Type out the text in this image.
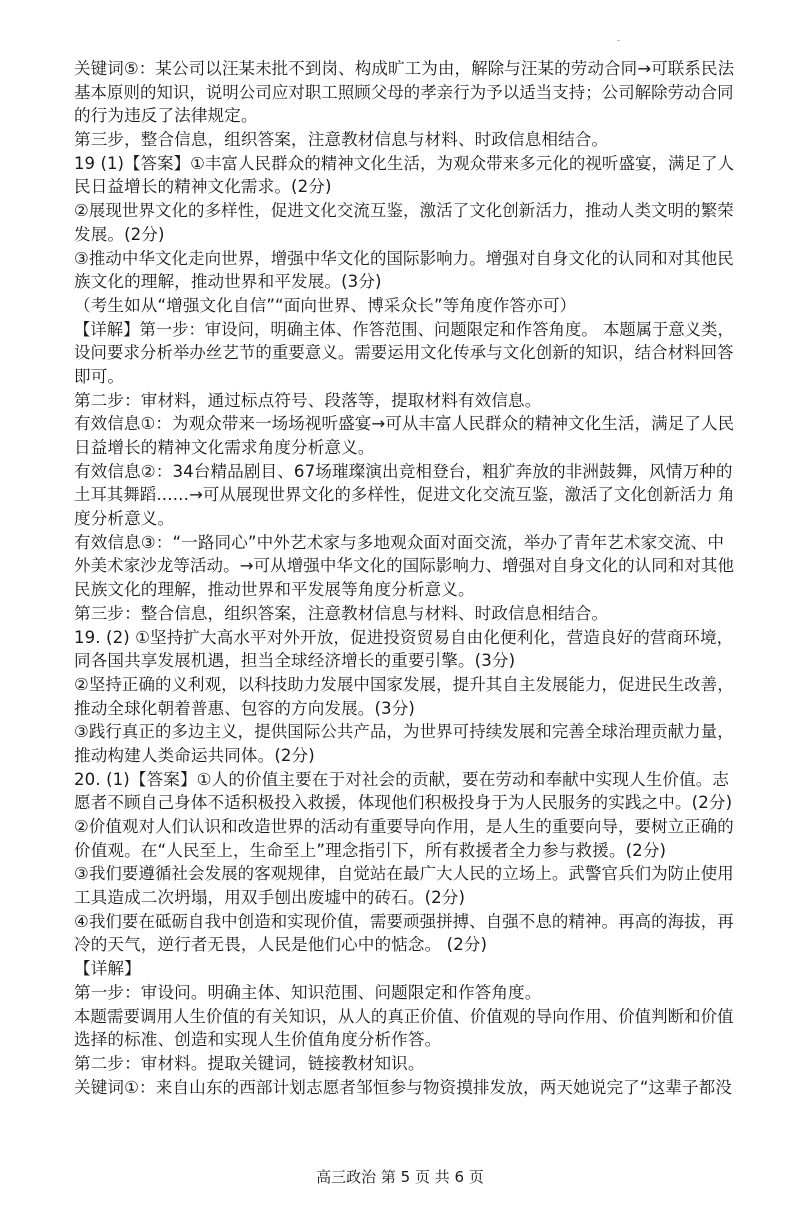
关键词⑤：某公司以汪某未批不到岗、构成旷工为由，解除与汪某的劳动合同→可联系民法
基本原则的知识，说明公司应对职工照顾父母的孝亲行为予以适当支持；公司解除劳动合同
的行为违反了法律规定。
第三步，整合信息，组织答案，注意教材信息与材料、时政信息相结合。
19 (1)【答案】①丰富人民群众的精神文化生活，为观众带来多元化的视听盛宴，满足了人
民日益增长的精神文化需求。(2分)
②展现世界文化的多样性，促进文化交流互鉴，激活了文化创新活力，推动人类文明的繁荣
发展。(2分)
③推动中华文化走向世界，增强中华文化的国际影响力。增强对自身文化的认同和对其他民
族文化的理解，推动世界和平发展。(3分)
（考生如从“增强文化自信”“面向世界、博采众长”等角度作答亦可）
【详解】第一步：审设问，明确主体、作答范围、问题限定和作答角度。 本题属于意义类，
设问要求分析举办丝艺节的重要意义。需要运用文化传承与文化创新的知识，结合材料回答
即可。
第二步：审材料，通过标点符号、段落等，提取材料有效信息。
有效信息①：为观众带来一场场视听盛宴→可从丰富人民群众的精神文化生活，满足了人民
日益增长的精神文化需求角度分析意义。
有效信息②：34台精品剧目、67场璀璨演出竞相登台，粗犷奔放的非洲鼓舞，风情万种的
土耳其舞蹈……→可从展现世界文化的多样性，促进文化交流互鉴，激活了文化创新活力 角
度分析意义。
有效信息③：“一路同心”中外艺术家与多地观众面对面交流，举办了青年艺术家交流、中
外美术家沙龙等活动。→可从增强中华文化的国际影响力、增强对自身文化的认同和对其他
民族文化的理解，推动世界和平发展等角度分析意义。
第三步：整合信息，组织答案，注意教材信息与材料、时政信息相结合。
19. (2) ①坚持扩大高水平对外开放，促进投资贸易自由化便利化，营造良好的营商环境，
同各国共享发展机遇，担当全球经济增长的重要引擎。(3分)
②坚持正确的义利观，以科技助力发展中国家发展，提升其自主发展能力，促进民生改善，
推动全球化朝着普惠、包容的方向发展。(3分)
③践行真正的多边主义，提供国际公共产品，为世界可持续发展和完善全球治理贡献力量，
推动构建人类命运共同体。(2分)
20. (1)【答案】①人的价值主要在于对社会的贡献，要在劳动和奉献中实现人生价值。志
愿者不顾自己身体不适积极投入救援，体现他们积极投身于为人民服务的实践之中。(2分)
②价值观对人们认识和改造世界的活动有重要导向作用，是人生的重要向导，要树立正确的
价值观。在“人民至上，生命至上”理念指引下，所有救援者全力参与救援。(2分)
③我们要遵循社会发展的客观规律，自觉站在最广大人民的立场上。武警官兵们为防止使用
工具造成二次坍塌，用双手刨出废墟中的砖石。(2分)
④我们要在砥砺自我中创造和实现价值，需要顽强拼搏、自强不息的精神。再高的海拔，再
冷的天气，逆行者无畏，人民是他们心中的惦念。 (2分)
【详解】
第一步：审设问。明确主体、知识范围、问题限定和作答角度。
本题需要调用人生价值的有关知识，从人的真正价值、价值观的导向作用、价值判断和价值
选择的标准、创造和实现人生价值角度分析作答。
第二步：审材料。提取关键词，链接教材知识。
关键词①：来自山东的西部计划志愿者邹恒参与物资摸排发放，两天她说完了“这辈子都没
高三政治 第 5 页 共 6 页
